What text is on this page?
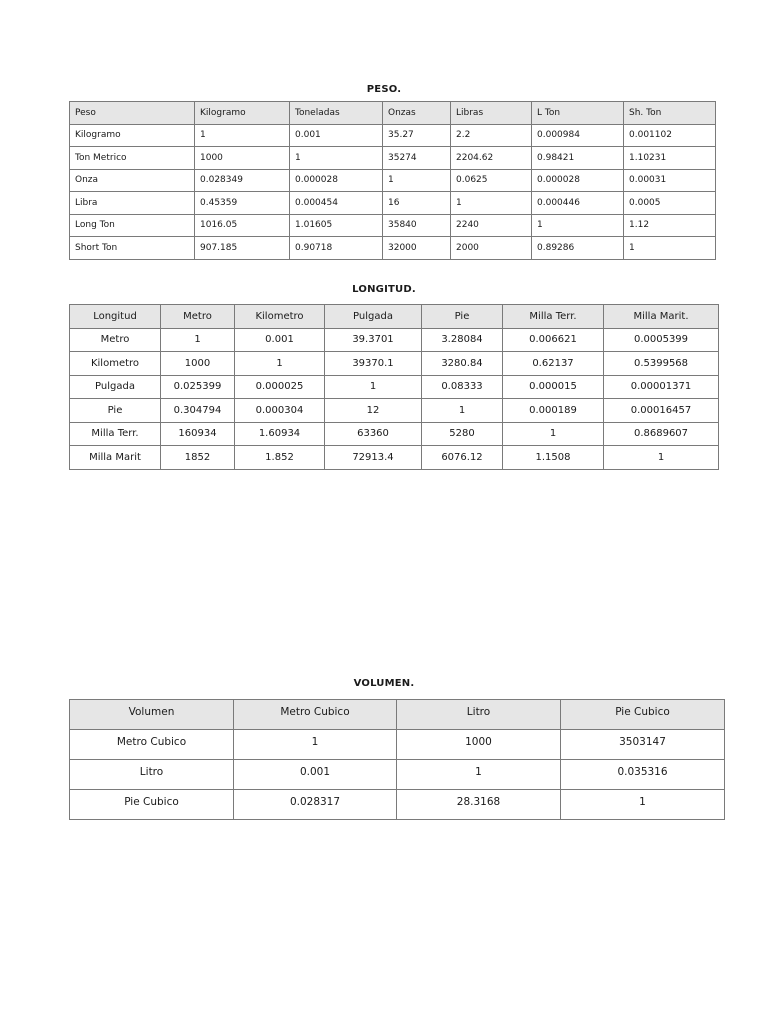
PESO.
Peso	Kilogramo	Toneladas	Onzas	Libras	L Ton	Sh. Ton
Kilogramo	1	0.001	35.27	2.2	0.000984	0.001102
Ton Metrico	1000	1	35274	2204.62	0.98421	1.10231
Onza	0.028349	0.000028	1	0.0625	0.000028	0.00031
Libra	0.45359	0.000454	16	1	0.000446	0.0005
Long Ton	1016.05	1.01605	35840	2240	1	1.12
Short Ton	907.185	0.90718	32000	2000	0.89286	1
LONGITUD.
Longitud	Metro	Kilometro	Pulgada	Pie	Milla Terr.	Milla Marit.
Metro	1	0.001	39.3701	3.28084	0.006621	0.0005399
Kilometro	1000	1	39370.1	3280.84	0.62137	0.5399568
Pulgada	0.025399	0.000025	1	0.08333	0.000015	0.00001371
Pie	0.304794	0.000304	12	1	0.000189	0.00016457
Milla Terr.	160934	1.60934	63360	5280	1	0.8689607
Milla Marit	1852	1.852	72913.4	6076.12	1.1508	1
VOLUMEN.
Volumen	Metro Cubico	Litro	Pie Cubico
Metro Cubico	1	1000	3503147
Litro	0.001	1	0.035316
Pie Cubico	0.028317	28.3168	1
